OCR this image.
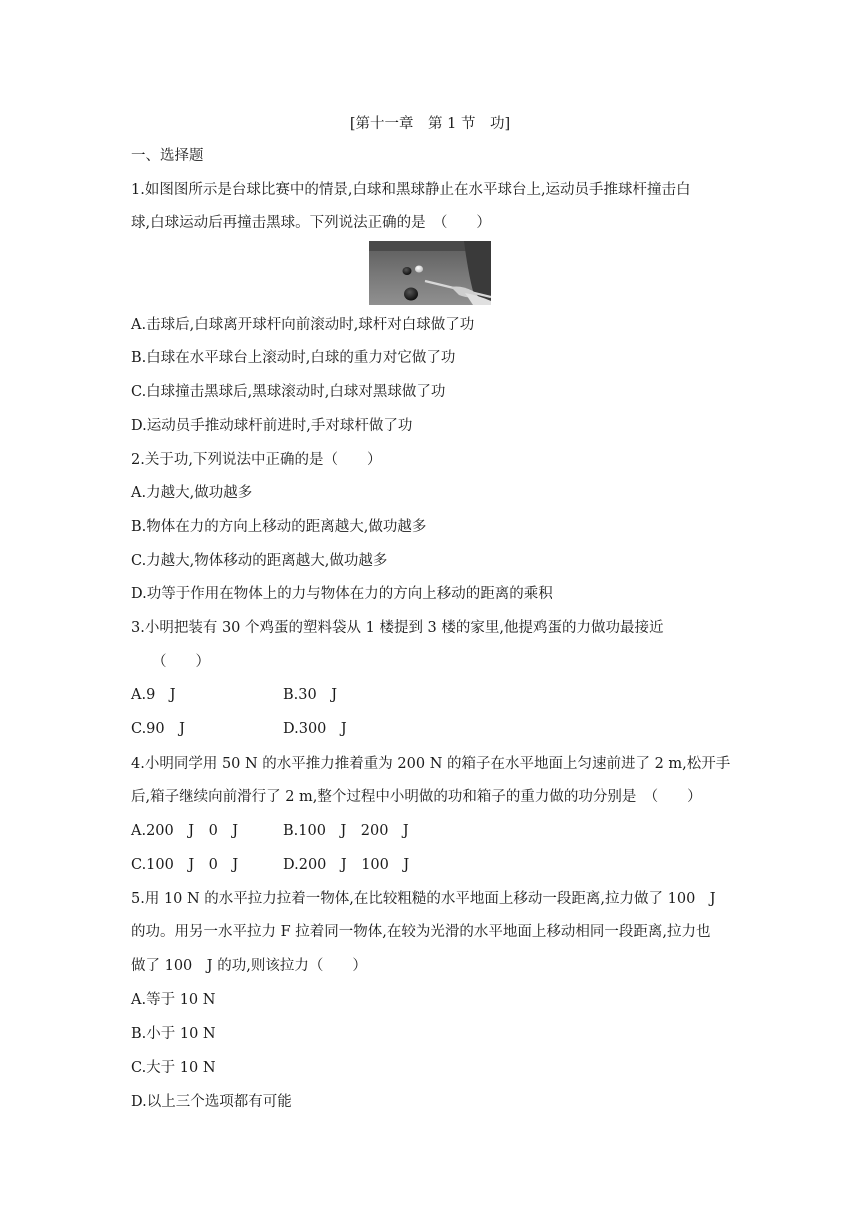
[第十一章　第 1 节　功]
一、选择题
1.如图图所示是台球比赛中的情景,白球和黑球静止在水平球台上,运动员手推球杆撞击白
球,白球运动后再撞击黑球。下列说法正确的是　（　　）
A.击球后,白球离开球杆向前滚动时,球杆对白球做了功
B.白球在水平球台上滚动时,白球的重力对它做了功
C.白球撞击黑球后,黑球滚动时,白球对黑球做了功
D.运动员手推动球杆前进时,手对球杆做了功
2.关于功,下列说法中正确的是（　　）
A.力越大,做功越多
B.物体在力的方向上移动的距离越大,做功越多
C.力越大,物体移动的距离越大,做功越多
D.功等于作用在物体上的力与物体在力的方向上移动的距离的乘积
3.小明把装有 30 个鸡蛋的塑料袋从 1 楼提到 3 楼的家里,他提鸡蛋的力做功最接近
（　　）
A.9　J	B.30　J
C.90　J	D.300　J
4.小明同学用 50 N 的水平推力推着重为 200 N 的箱子在水平地面上匀速前进了 2 m,松开手
后,箱子继续向前滑行了 2 m,整个过程中小明做的功和箱子的重力做的功分别是　（　　）
A.200　J　0　J	B.100　J　200　J
C.100　J　0　J	D.200　J　100　J
5.用 10 N 的水平拉力拉着一物体,在比较粗糙的水平地面上移动一段距离,拉力做了 100　J
的功。用另一水平拉力 F 拉着同一物体,在较为光滑的水平地面上移动相同一段距离,拉力也
做了 100　J 的功,则该拉力（　　）
A.等于 10 N
B.小于 10 N
C.大于 10 N
D.以上三个选项都有可能
